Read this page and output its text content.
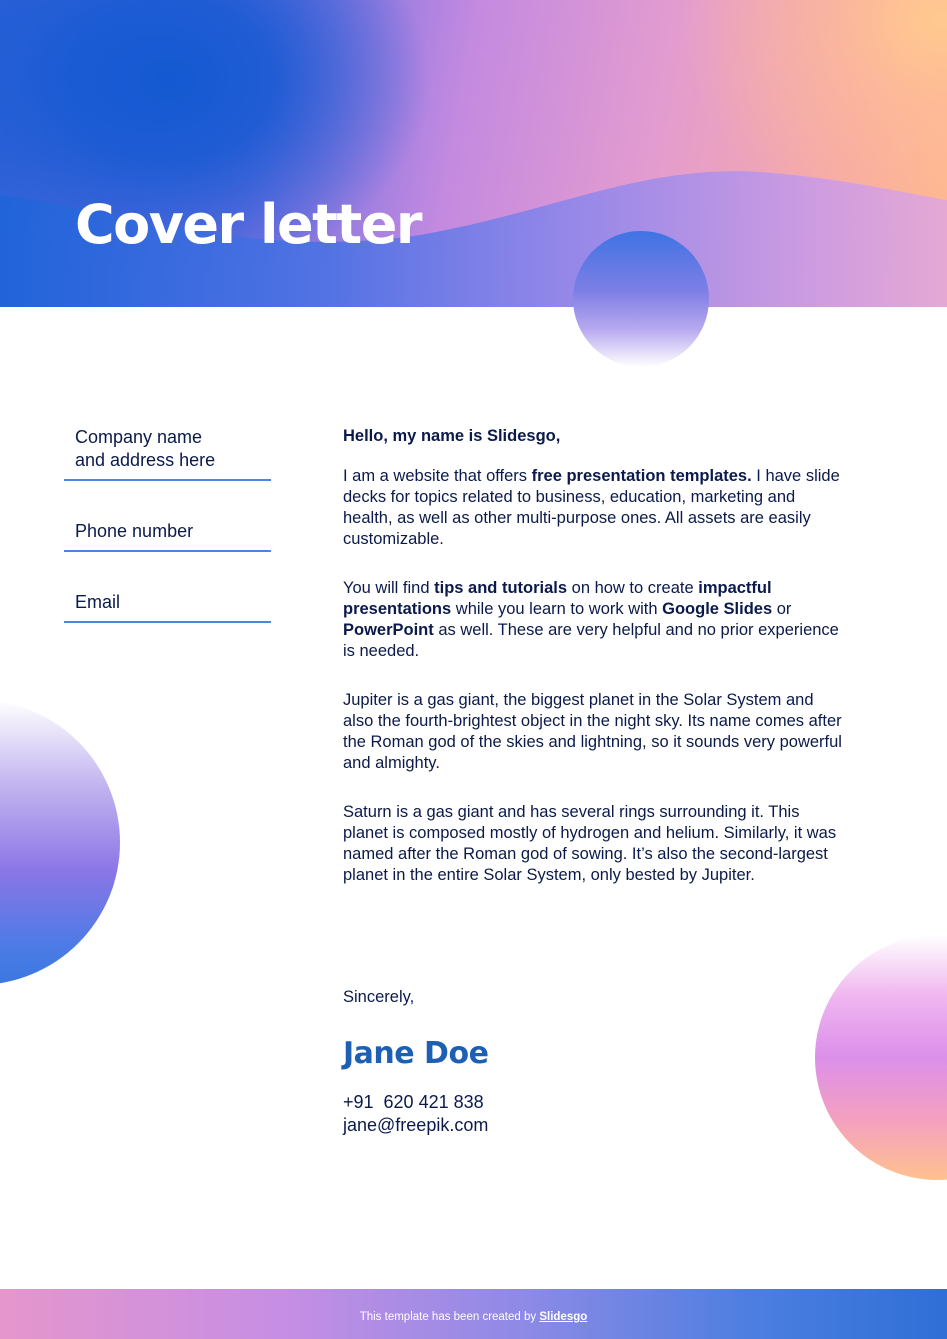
Cover letter
Company name
and address here
Phone number
Email

Hello, my name is Slidesgo,

I am a website that offers free presentation templates. I have slide decks for topics related to business, education, marketing and health, as well as other multi-purpose ones. All assets are easily customizable.

You will find tips and tutorials on how to create impactful presentations while you learn to work with Google Slides or PowerPoint as well. These are very helpful and no prior experience is needed.

Jupiter is a gas giant, the biggest planet in the Solar System and also the fourth-brightest object in the night sky. Its name comes after the Roman god of the skies and lightning, so it sounds very powerful and almighty.

Saturn is a gas giant and has several rings surrounding it. This planet is composed mostly of hydrogen and helium. Similarly, it was named after the Roman god of sowing. It’s also the second-largest planet in the entire Solar System, only bested by Jupiter.

Sincerely,
Jane Doe
+91  620 421 838
jane@freepik.com
This template has been created by Slidesgo
